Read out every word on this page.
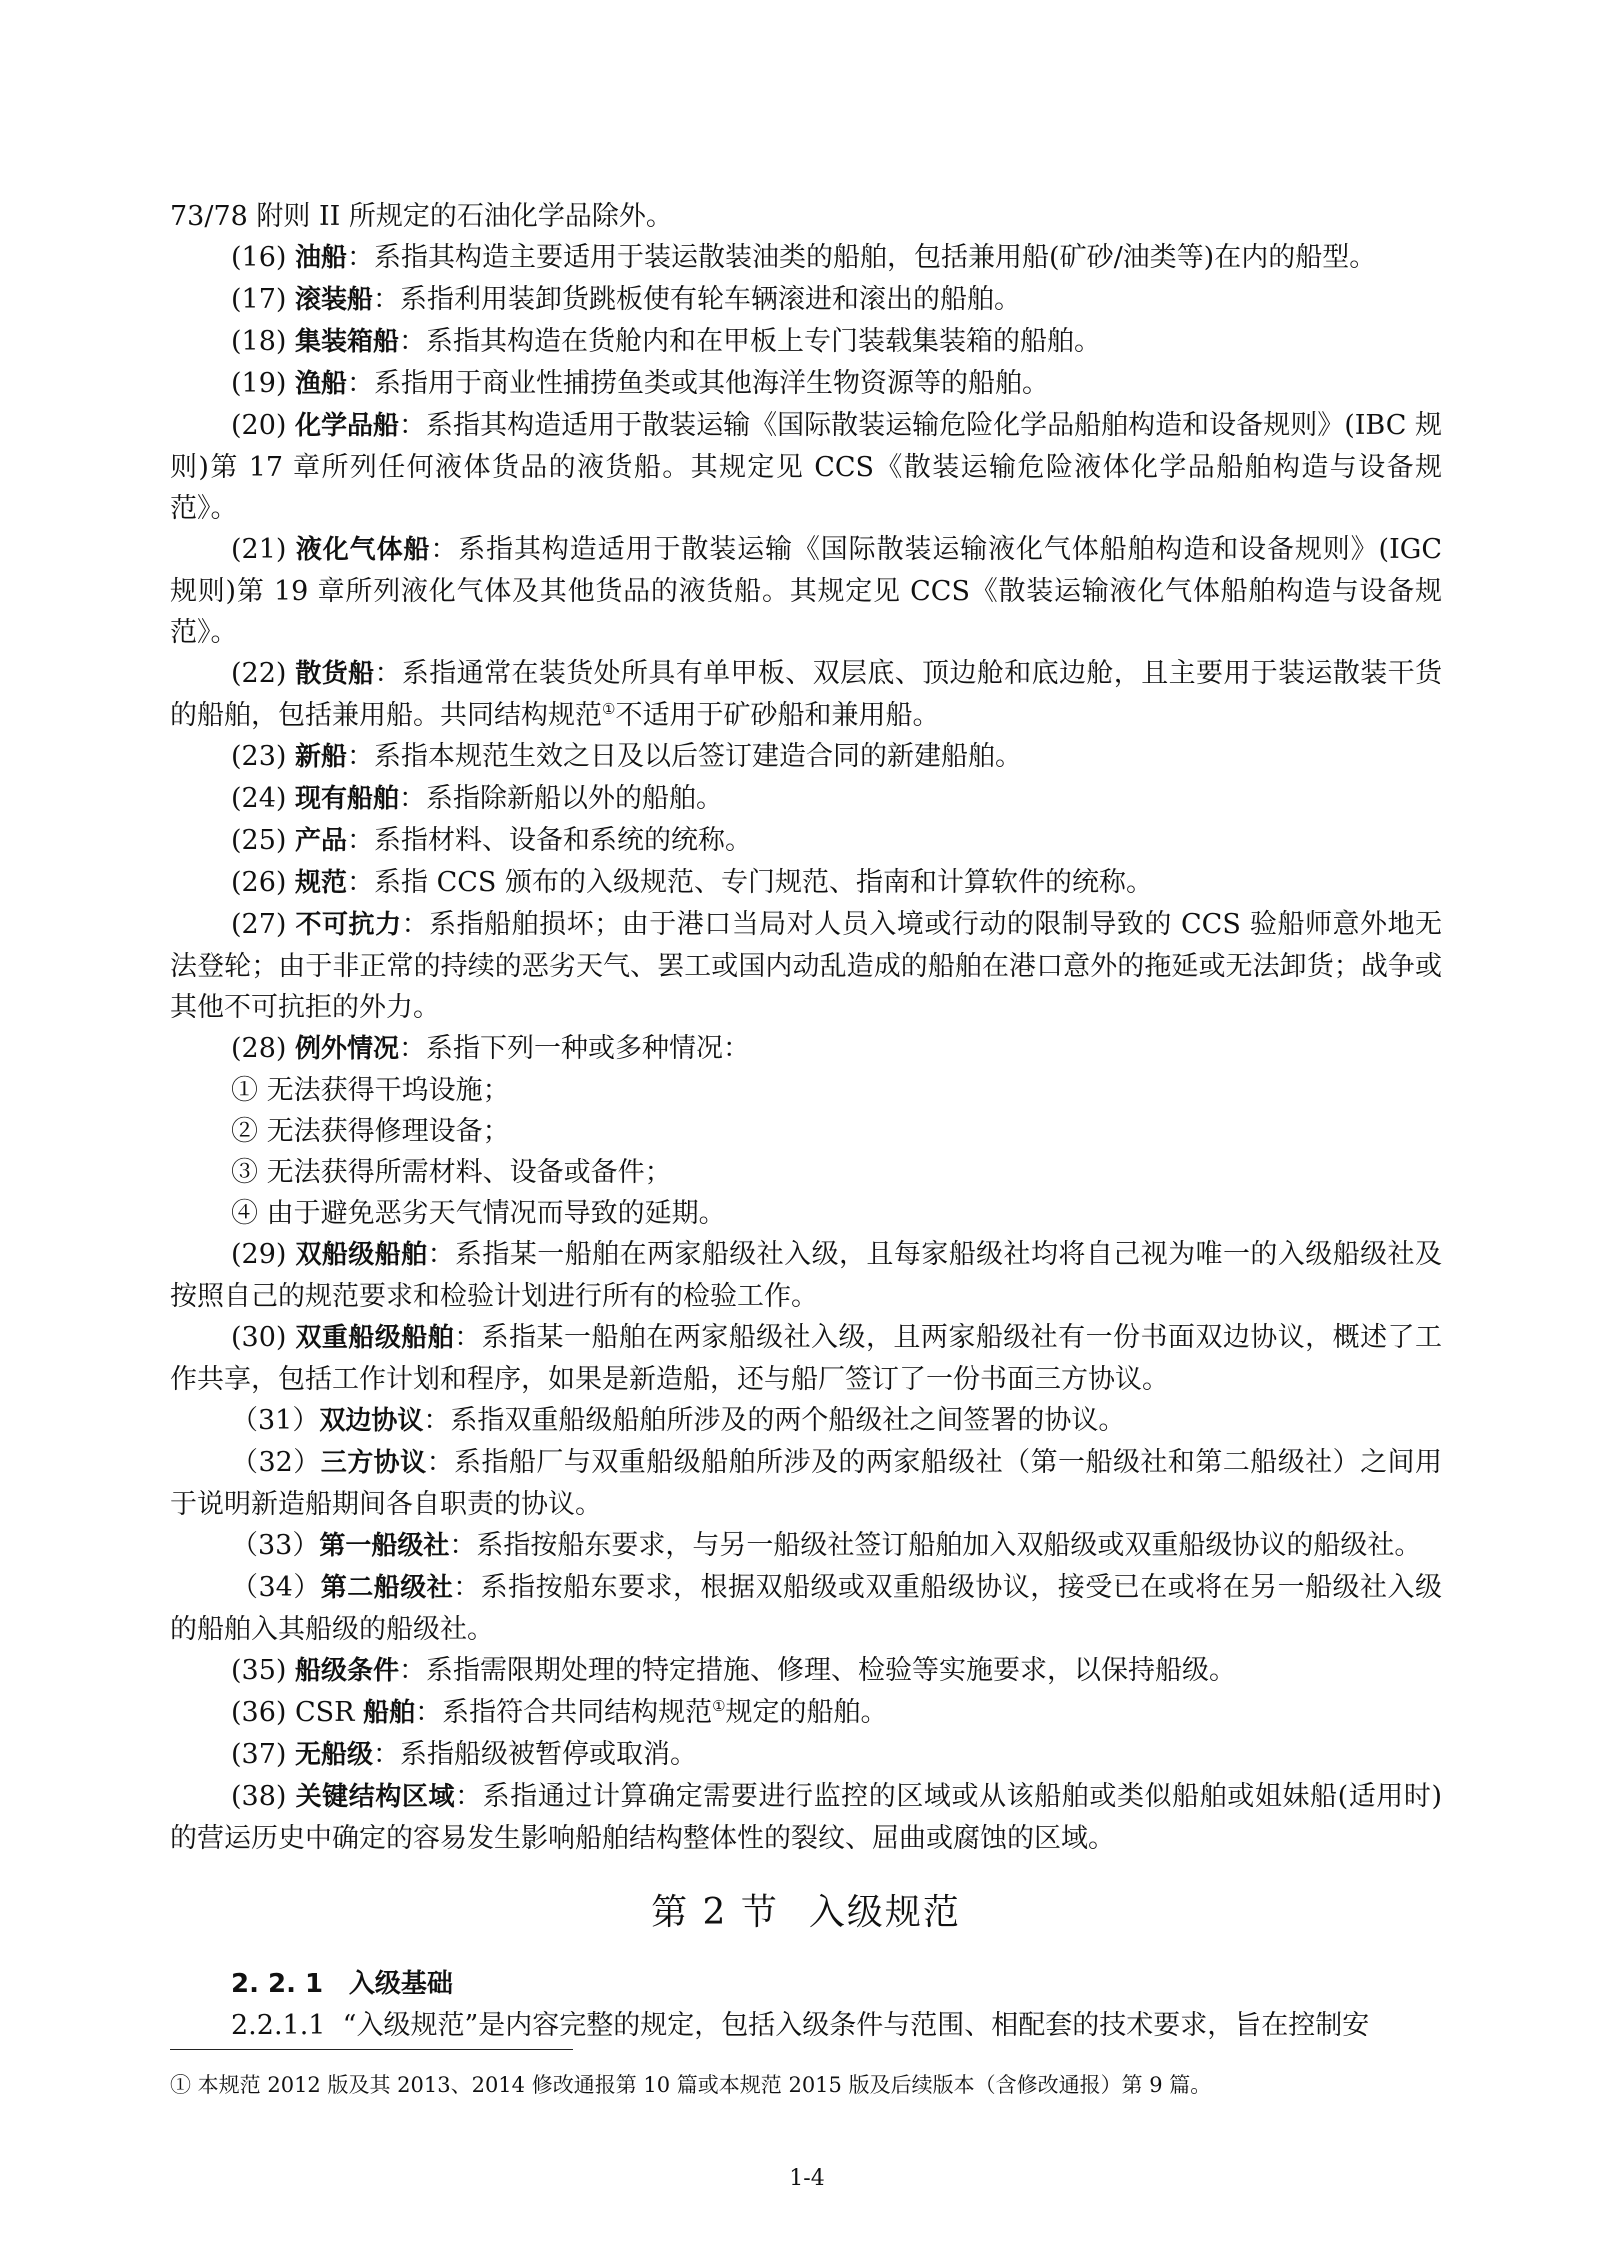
73/78 附则 II 所规定的石油化学品除外。

(16) 油船：系指其构造主要适用于装运散装油类的船舶，包括兼用船(矿砂/油类等)在内的船型。

(17) 滚装船：系指利用装卸货跳板使有轮车辆滚进和滚出的船舶。

(18) 集装箱船：系指其构造在货舱内和在甲板上专门装载集装箱的船舶。

(19) 渔船：系指用于商业性捕捞鱼类或其他海洋生物资源等的船舶。

(20) 化学品船：系指其构造适用于散装运输《国际散装运输危险化学品船舶构造和设备规则》(IBC 规则)第 17 章所列任何液体货品的液货船。其规定见 CCS《散装运输危险液体化学品船舶构造与设备规范》。

(21) 液化气体船：系指其构造适用于散装运输《国际散装运输液化气体船舶构造和设备规则》(IGC 规则)第 19 章所列液化气体及其他货品的液货船。其规定见 CCS《散装运输液化气体船舶构造与设备规范》。

(22) 散货船：系指通常在装货处所具有单甲板、双层底、顶边舱和底边舱，且主要用于装运散装干货的船舶，包括兼用船。共同结构规范①不适用于矿砂船和兼用船。

(23) 新船：系指本规范生效之日及以后签订建造合同的新建船舶。

(24) 现有船舶：系指除新船以外的船舶。

(25) 产品：系指材料、设备和系统的统称。

(26) 规范：系指 CCS 颁布的入级规范、专门规范、指南和计算软件的统称。

(27) 不可抗力：系指船舶损坏；由于港口当局对人员入境或行动的限制导致的 CCS 验船师意外地无法登轮；由于非正常的持续的恶劣天气、罢工或国内动乱造成的船舶在港口意外的拖延或无法卸货；战争或其他不可抗拒的外力。

(28) 例外情况：系指下列一种或多种情况：

① 无法获得干坞设施；

② 无法获得修理设备；

③ 无法获得所需材料、设备或备件；

④ 由于避免恶劣天气情况而导致的延期。

(29) 双船级船舶：系指某一船舶在两家船级社入级，且每家船级社均将自己视为唯一的入级船级社及按照自己的规范要求和检验计划进行所有的检验工作。

(30) 双重船级船舶：系指某一船舶在两家船级社入级，且两家船级社有一份书面双边协议，概述了工作共享，包括工作计划和程序，如果是新造船，还与船厂签订了一份书面三方协议。

（31）双边协议：系指双重船级船舶所涉及的两个船级社之间签署的协议。

（32）三方协议：系指船厂与双重船级船舶所涉及的两家船级社（第一船级社和第二船级社）之间用于说明新造船期间各自职责的协议。

（33）第一船级社：系指按船东要求，与另一船级社签订船舶加入双船级或双重船级协议的船级社。

（34）第二船级社：系指按船东要求，根据双船级或双重船级协议，接受已在或将在另一船级社入级的船舶入其船级的船级社。

(35) 船级条件：系指需限期处理的特定措施、修理、检验等实施要求，以保持船级。

(36) CSR 船舶：系指符合共同结构规范①规定的船舶。

(37) 无船级：系指船级被暂停或取消。

(38) 关键结构区域：系指通过计算确定需要进行监控的区域或从该船舶或类似船舶或姐妹船(适用时)的营运历史中确定的容易发生影响船舶结构整体性的裂纹、屈曲或腐蚀的区域。

第 2 节 入级规范

2. 2. 1 入级基础

2.2.1.1 “入级规范”是内容完整的规定，包括入级条件与范围、相配套的技术要求，旨在控制安

① 本规范 2012 版及其 2013、2014 修改通报第 10 篇或本规范 2015 版及后续版本（含修改通报）第 9 篇。
1-4
